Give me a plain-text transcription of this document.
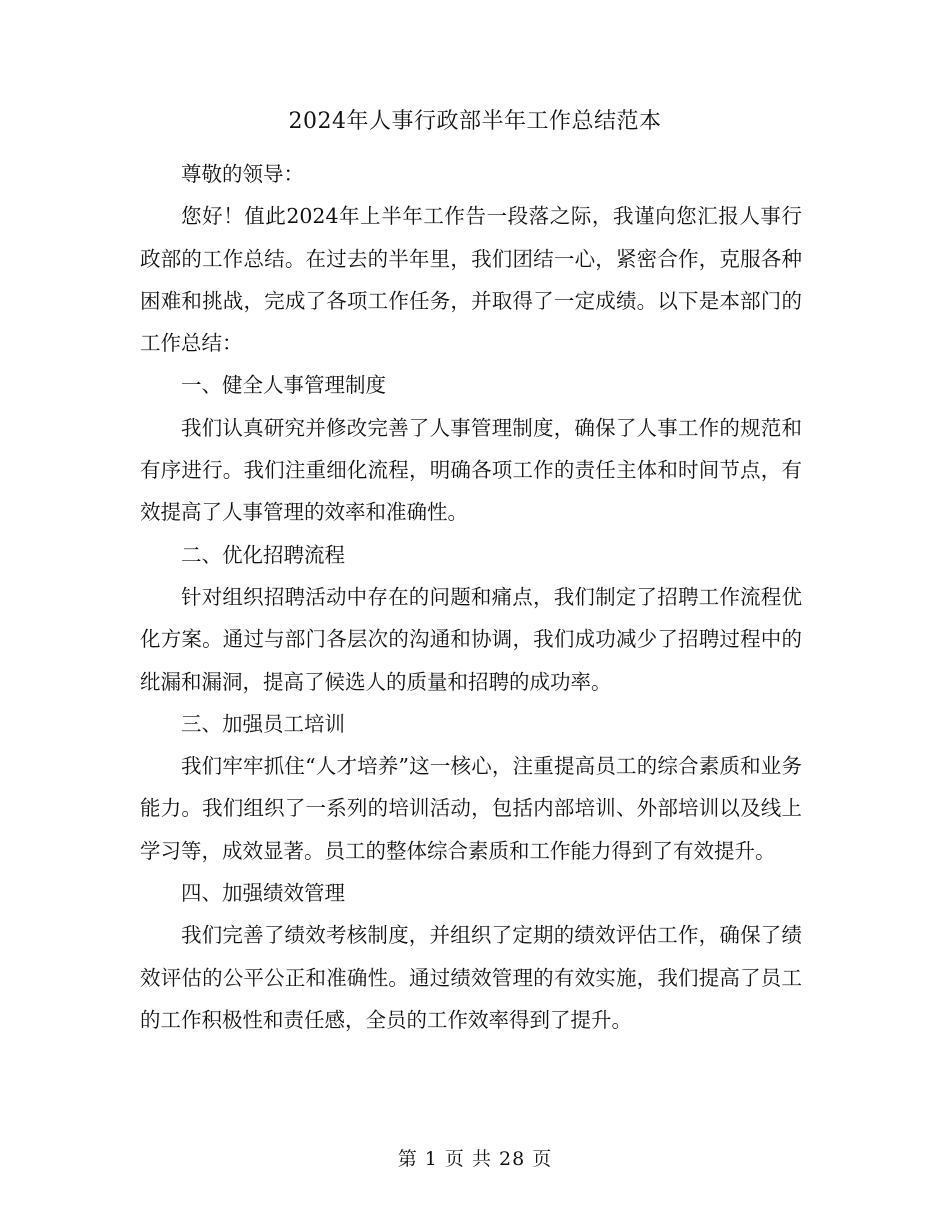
2024年人事行政部半年工作总结范本

尊敬的领导：

您好！值此2024年上半年工作告一段落之际，我谨向您汇报人事行政部的工作总结。在过去的半年里，我们团结一心，紧密合作，克服各种困难和挑战，完成了各项工作任务，并取得了一定成绩。以下是本部门的工作总结：

一、健全人事管理制度

我们认真研究并修改完善了人事管理制度，确保了人事工作的规范和有序进行。我们注重细化流程，明确各项工作的责任主体和时间节点，有效提高了人事管理的效率和准确性。

二、优化招聘流程

针对组织招聘活动中存在的问题和痛点，我们制定了招聘工作流程优化方案。通过与部门各层次的沟通和协调，我们成功减少了招聘过程中的纰漏和漏洞，提高了候选人的质量和招聘的成功率。

三、加强员工培训

我们牢牢抓住“人才培养”这一核心，注重提高员工的综合素质和业务能力。我们组织了一系列的培训活动，包括内部培训、外部培训以及线上学习等，成效显著。员工的整体综合素质和工作能力得到了有效提升。

四、加强绩效管理

我们完善了绩效考核制度，并组织了定期的绩效评估工作，确保了绩效评估的公平公正和准确性。通过绩效管理的有效实施，我们提高了员工的工作积极性和责任感，全员的工作效率得到了提升。

第 1 页 共 28 页
